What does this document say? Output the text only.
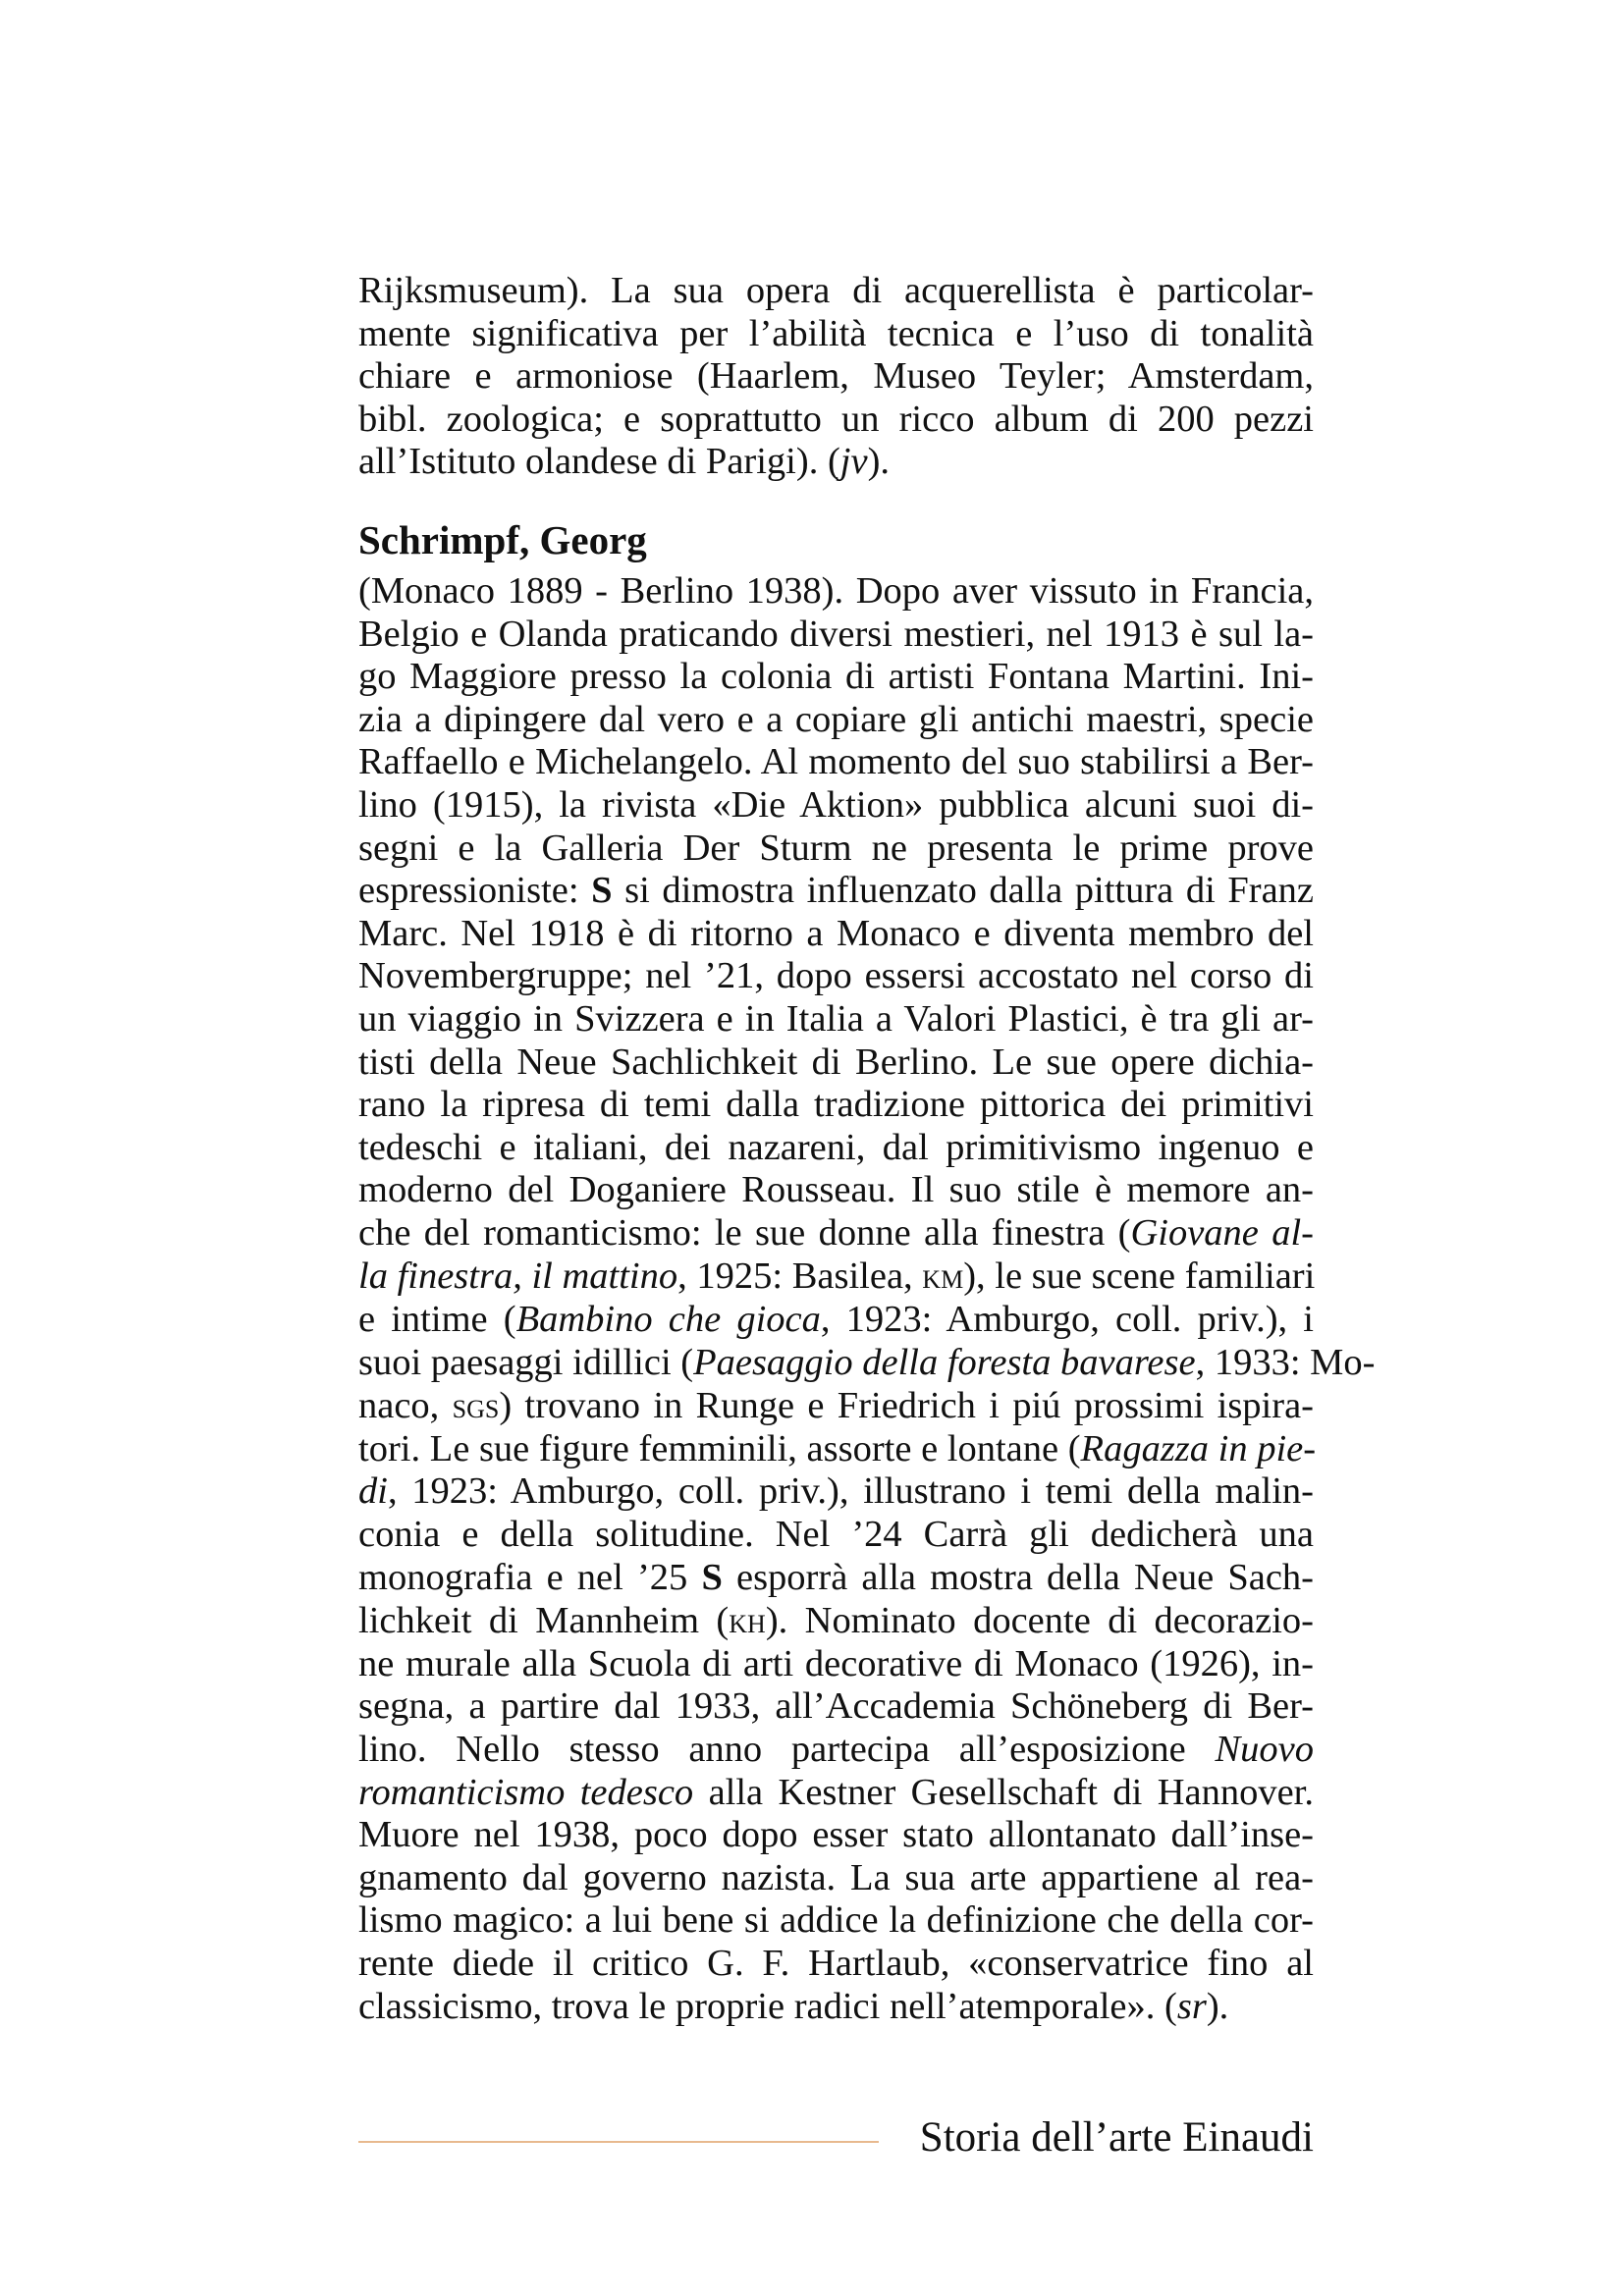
Rijksmuseum). La sua opera di acquerellista è particolar-
mente significativa per l’abilità tecnica e l’uso di tonalità
chiare e armoniose (Haarlem, Museo Teyler; Amsterdam,
bibl. zoologica; e soprattutto un ricco album di 200 pezzi
all’Istituto olandese di Parigi). (jv).
Schrimpf, Georg
(Monaco 1889 - Berlino 1938). Dopo aver vissuto in Francia,
Belgio e Olanda praticando diversi mestieri, nel 1913 è sul la-
go Maggiore presso la colonia di artisti Fontana Martini. Ini-
zia a dipingere dal vero e a copiare gli antichi maestri, specie
Raffaello e Michelangelo. Al momento del suo stabilirsi a Ber-
lino (1915), la rivista «Die Aktion» pubblica alcuni suoi di-
segni e la Galleria Der Sturm ne presenta le prime prove
espressioniste: S si dimostra influenzato dalla pittura di Franz
Marc. Nel 1918 è di ritorno a Monaco e diventa membro del
Novembergruppe; nel ’21, dopo essersi accostato nel corso di
un viaggio in Svizzera e in Italia a Valori Plastici, è tra gli ar-
tisti della Neue Sachlichkeit di Berlino. Le sue opere dichia-
rano la ripresa di temi dalla tradizione pittorica dei primitivi
tedeschi e italiani, dei nazareni, dal primitivismo ingenuo e
moderno del Doganiere Rousseau. Il suo stile è memore an-
che del romanticismo: le sue donne alla finestra (Giovane al-
la finestra, il mattino, 1925: Basilea, km), le sue scene familiari
e intime (Bambino che gioca, 1923: Amburgo, coll. priv.), i
suoi paesaggi idillici (Paesaggio della foresta bavarese, 1933: Mo-
naco, sgs) trovano in Runge e Friedrich i piú prossimi ispira-
tori. Le sue figure femminili, assorte e lontane (Ragazza in pie-
di, 1923: Amburgo, coll. priv.), illustrano i temi della malin-
conia e della solitudine. Nel ’24 Carrà gli dedicherà una
monografia e nel ’25 S esporrà alla mostra della Neue Sach-
lichkeit di Mannheim (kh). Nominato docente di decorazio-
ne murale alla Scuola di arti decorative di Monaco (1926), in-
segna, a partire dal 1933, all’Accademia Schöneberg di Ber-
lino. Nello stesso anno partecipa all’esposizione Nuovo
romanticismo tedesco alla Kestner Gesellschaft di Hannover.
Muore nel 1938, poco dopo esser stato allontanato dall’inse-
gnamento dal governo nazista. La sua arte appartiene al rea-
lismo magico: a lui bene si addice la definizione che della cor-
rente diede il critico G. F. Hartlaub, «conservatrice fino al
classicismo, trova le proprie radici nell’atemporale». (sr).
Storia dell’arte Einaudi
